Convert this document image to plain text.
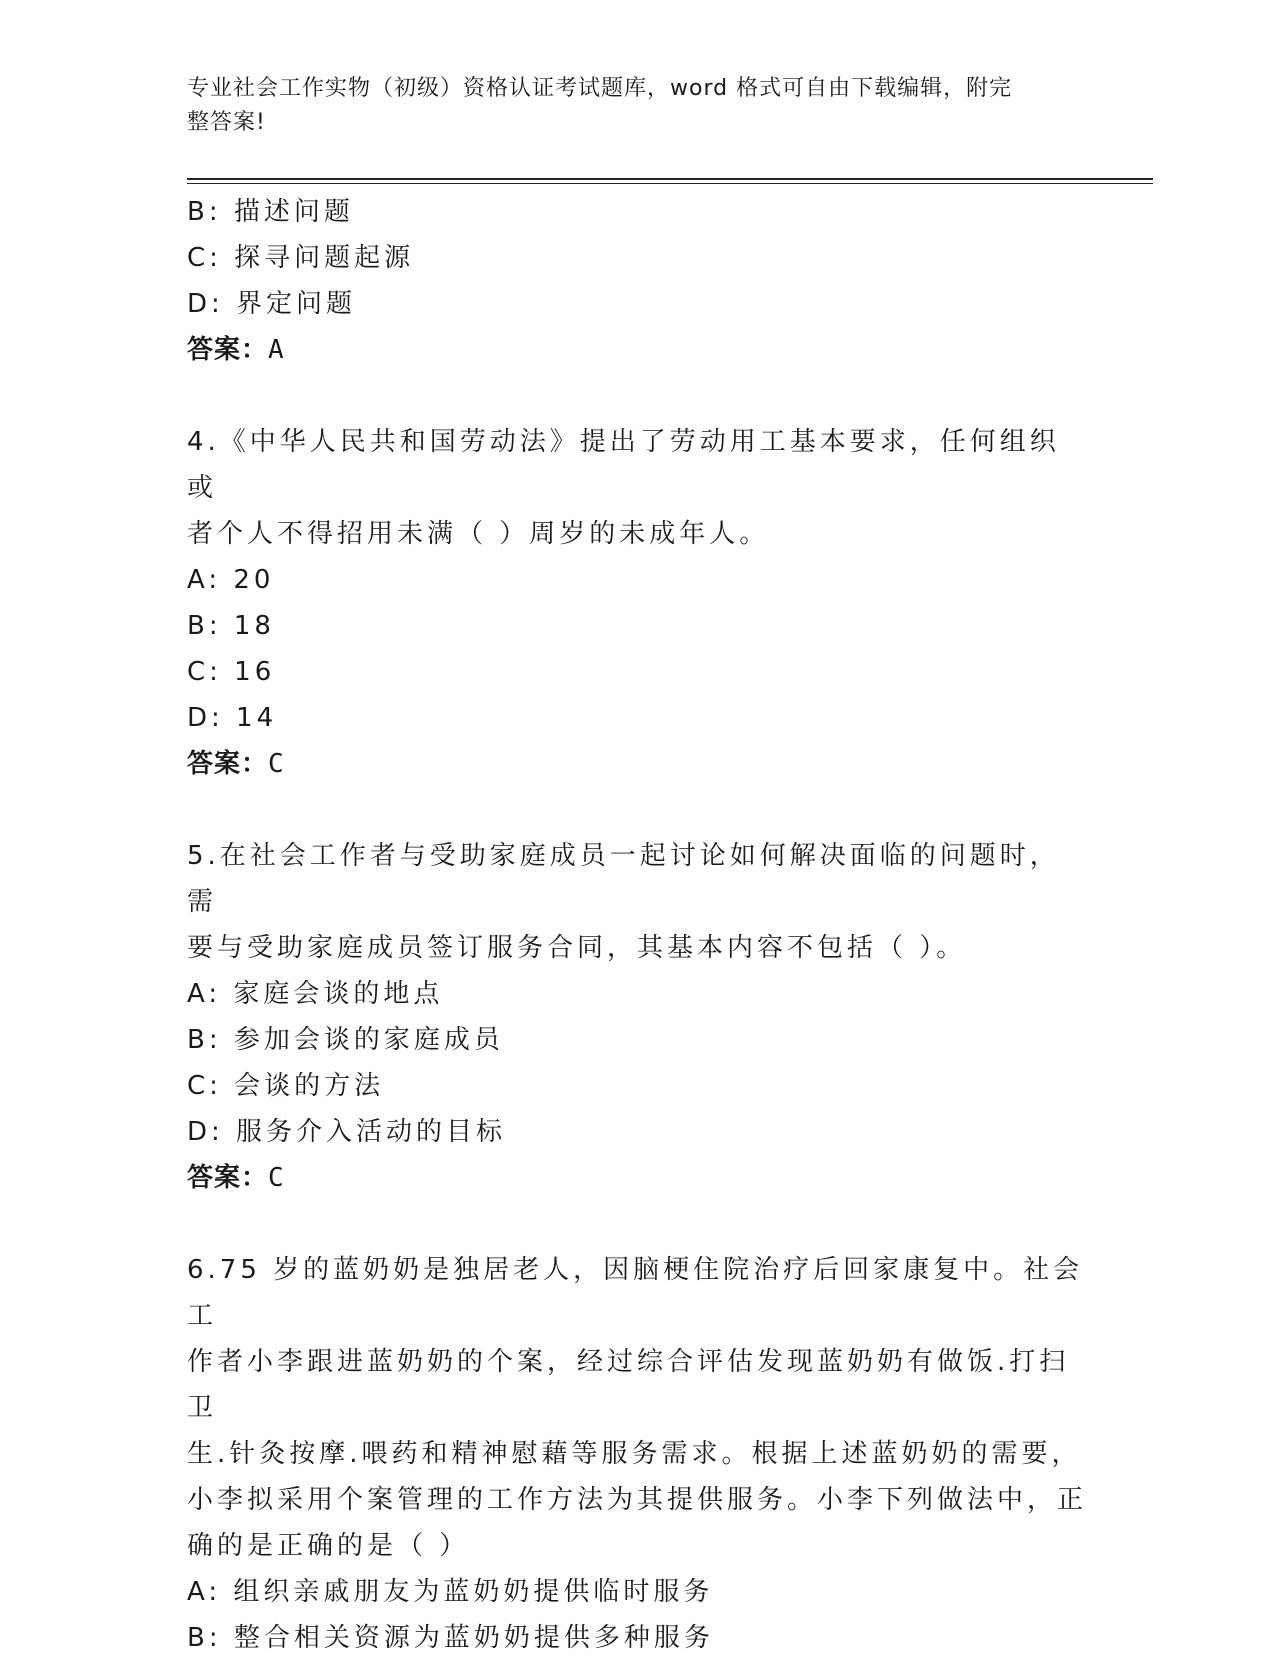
专业社会工作实物（初级）资格认证考试题库，word 格式可自由下载编辑，附完
整答案!
B: 描述问题
C: 探寻问题起源
D: 界定问题
答案：A
4.《中华人民共和国劳动法》提出了劳动用工基本要求，任何组织或
者个人不得招用未满（ ）周岁的未成年人。
A: 20
B: 18
C: 16
D: 14
答案：C
5.在社会工作者与受助家庭成员一起讨论如何解决面临的问题时，需
要与受助家庭成员签订服务合同，其基本内容不包括（ ）。
A: 家庭会谈的地点
B: 参加会谈的家庭成员
C: 会谈的方法
D: 服务介入活动的目标
答案：C
6.75 岁的蓝奶奶是独居老人，因脑梗住院治疗后回家康复中。社会工
作者小李跟进蓝奶奶的个案，经过综合评估发现蓝奶奶有做饭.打扫卫
生.针灸按摩.喂药和精神慰藉等服务需求。根据上述蓝奶奶的需要，
小李拟采用个案管理的工作方法为其提供服务。小李下列做法中，正
确的是正确的是（ ）
A: 组织亲戚朋友为蓝奶奶提供临时服务
B: 整合相关资源为蓝奶奶提供多种服务
